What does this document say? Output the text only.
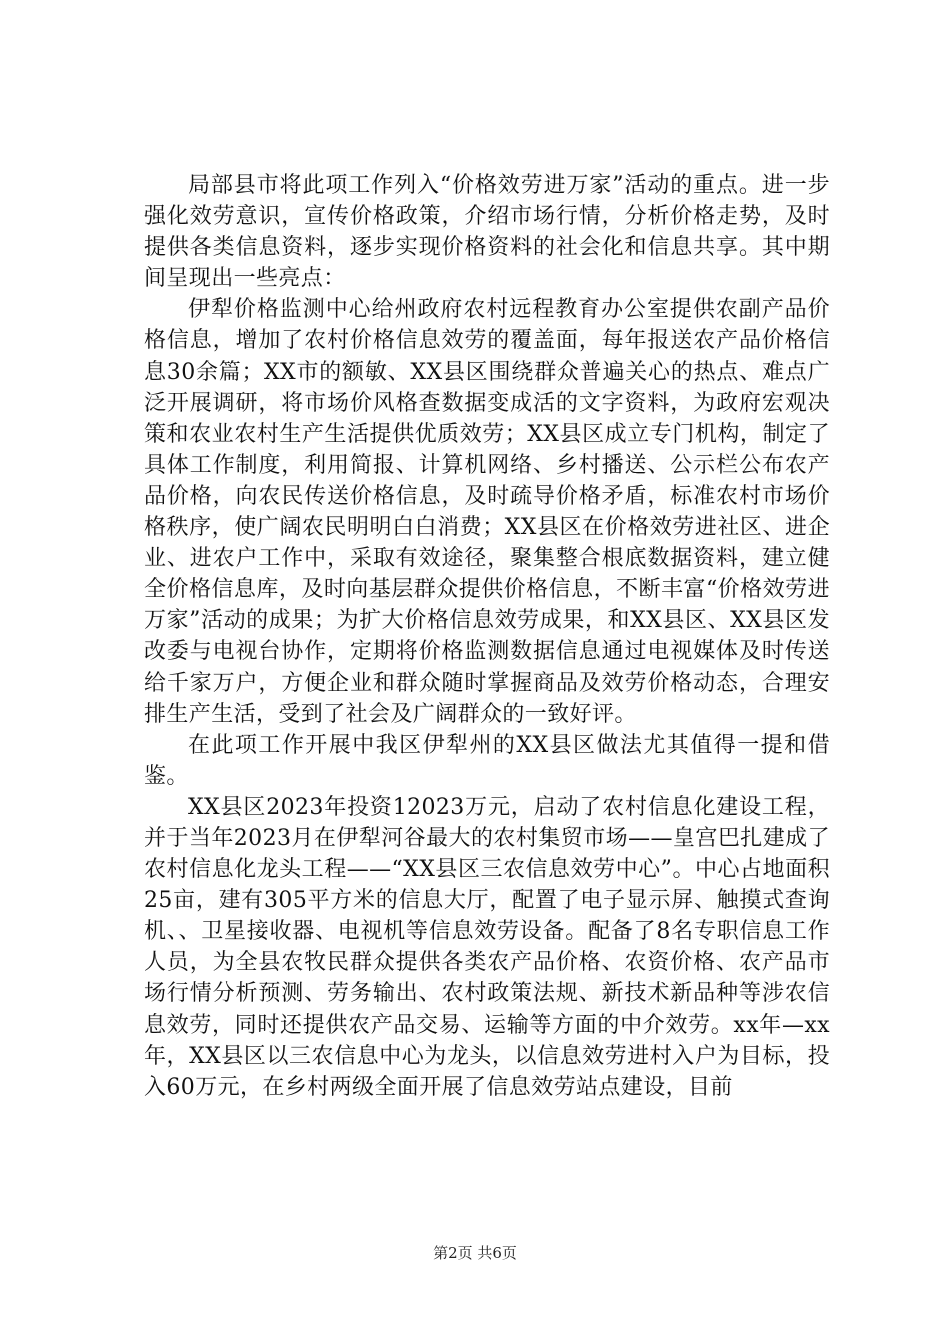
局部县市将此项工作列入“价格效劳进万家”活动的重点。进一步强化效劳意识，宣传价格政策，介绍市场行情，分析价格走势，及时提供各类信息资料，逐步实现价格资料的社会化和信息共享。其中期间呈现出一些亮点：

伊犁价格监测中心给州政府农村远程教育办公室提供农副产品价格信息，增加了农村价格信息效劳的覆盖面，每年报送农产品价格信息30余篇；XX市的额敏、XX县区围绕群众普遍关心的热点、难点广泛开展调研，将市场价风格查数据变成活的文字资料，为政府宏观决策和农业农村生产生活提供优质效劳；XX县区成立专门机构，制定了具体工作制度，利用简报、计算机网络、乡村播送、公示栏公布农产品价格，向农民传送价格信息，及时疏导价格矛盾，标准农村市场价格秩序，使广阔农民明明白白消费；XX县区在价格效劳进社区、进企业、进农户工作中，采取有效途径，聚集整合根底数据资料，建立健全价格信息库，及时向基层群众提供价格信息，不断丰富“价格效劳进万家”活动的成果；为扩大价格信息效劳成果，和XX县区、XX县区发改委与电视台协作，定期将价格监测数据信息通过电视媒体及时传送给千家万户，方便企业和群众随时掌握商品及效劳价格动态，合理安排生产生活，受到了社会及广阔群众的一致好评。

在此项工作开展中我区伊犁州的XX县区做法尤其值得一提和借鉴。

XX县区2023年投资12023万元，启动了农村信息化建设工程，并于当年2023月在伊犁河谷最大的农村集贸市场——皇宫巴扎建成了农村信息化龙头工程——“XX县区三农信息效劳中心”。中心占地面积25亩，建有305平方米的信息大厅，配置了电子显示屏、触摸式查询机、、卫星接收器、电视机等信息效劳设备。配备了8名专职信息工作人员，为全县农牧民群众提供各类农产品价格、农资价格、农产品市场行情分析预测、劳务输出、农村政策法规、新技术新品种等涉农信息效劳，同时还提供农产品交易、运输等方面的中介效劳。xx年—xx年，XX县区以三农信息中心为龙头，以信息效劳进村入户为目标，投入60万元，在乡村两级全面开展了信息效劳站点建设，目前

第2页 共6页
